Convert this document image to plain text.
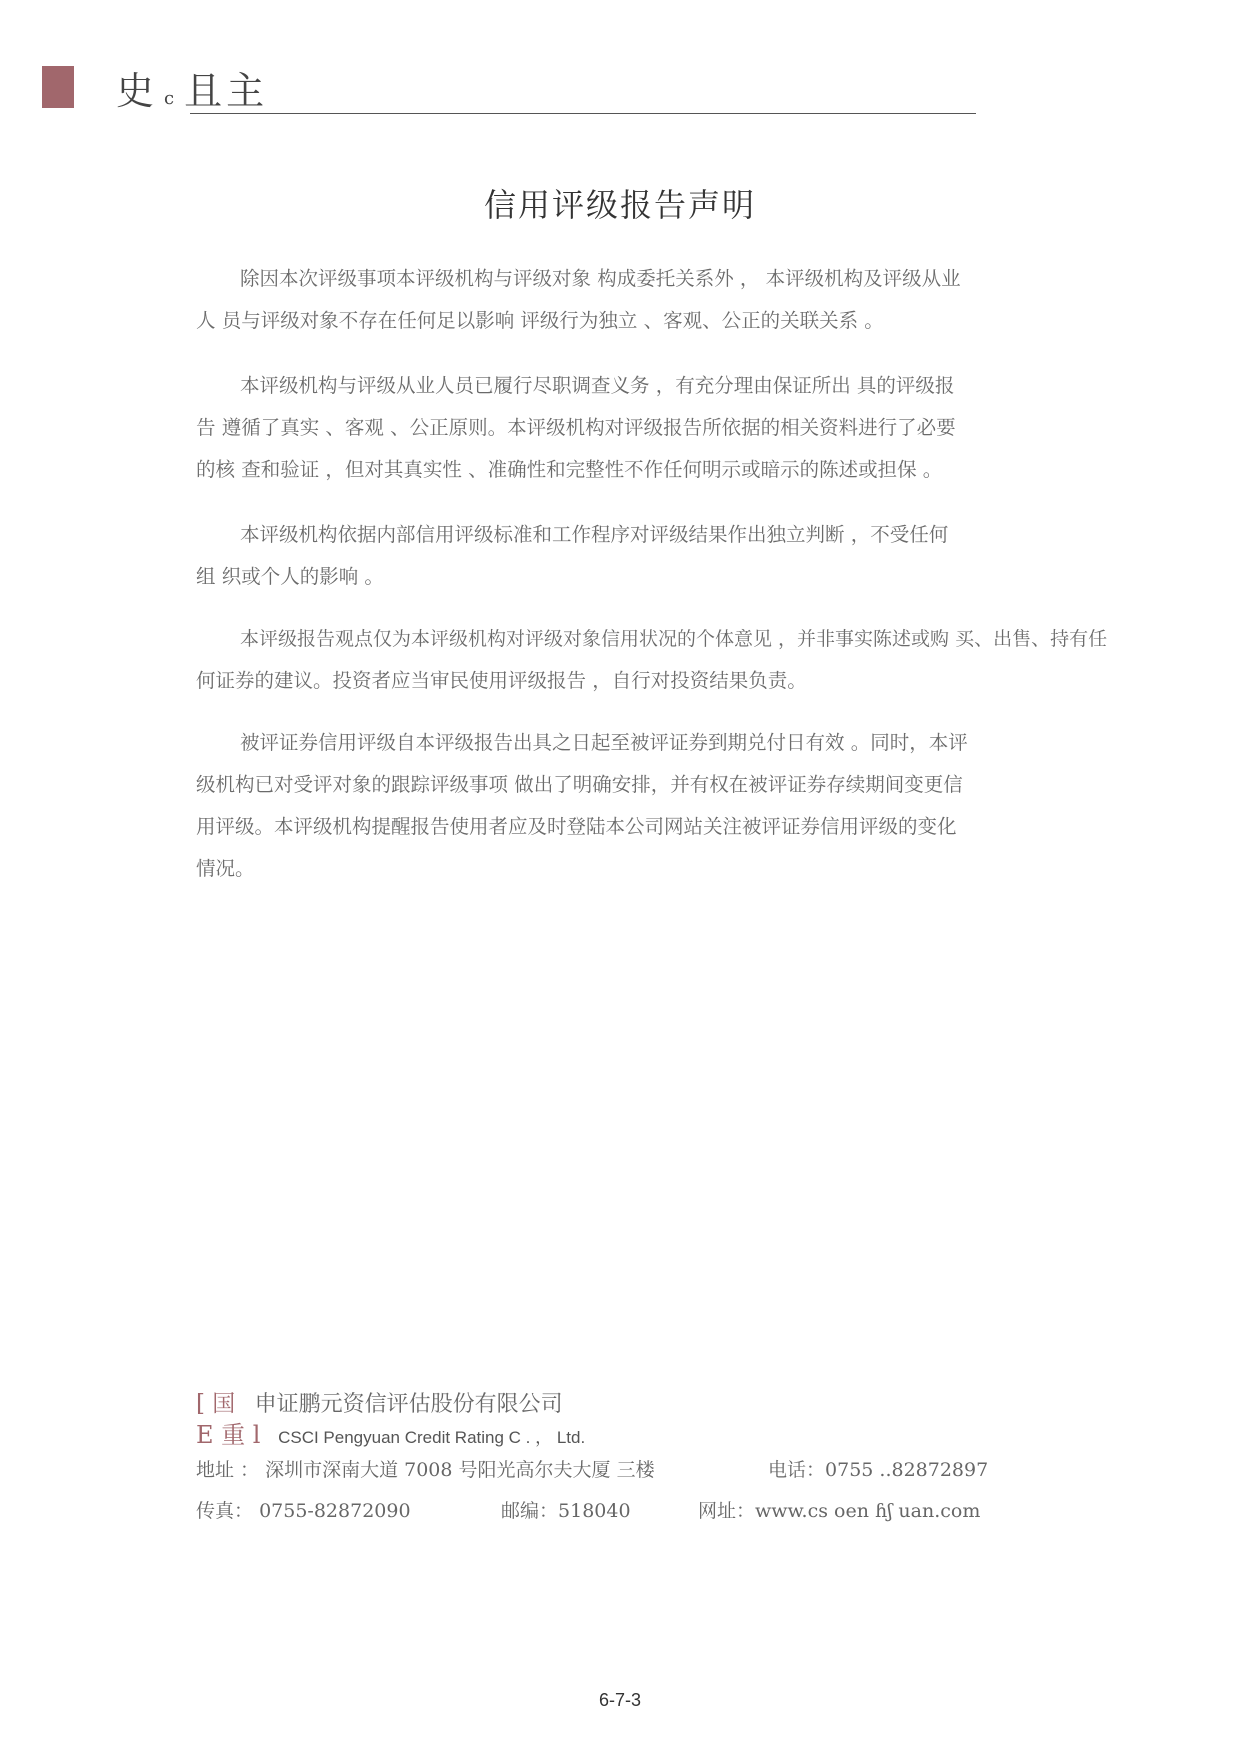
史c 且主
信用评级报告声明
除因本次评级事项本评级机构与评级对象 构成委托关系外 ， 本评级机构及评级从业
人 员与评级对象不存在任何足以影响 评级行为独立 、客观、公正的关联关系 。
本评级机构与评级从业人员已履行尽职调查义务 ，有充分理由保证所出 具的评级报
告 遵循了真实 、客观 、公正原则。本评级机构对评级报告所依据的相关资料进行了必要
的核 查和验证 ，但对其真实性 、准确性和完整性不作任何明示或暗示的陈述或担保 。
本评级机构依据内部信用评级标准和工作程序对评级结果作出独立判断 ，不受任何
组 织或个人的影响 。
本评级报告观点仅为本评级机构对评级对象信用状况的个体意见 ，并非事实陈述或购 买、出售、持有任
何证券的建议。投资者应当审民使用评级报告 ，自行对投资结果负责。
被评证券信用评级自本评级报告出具之日起至被评证券到期兑付日有效 。同时，本评
级机构已对受评对象的跟踪评级事项 做出了明确安排，并有权在被评证券存续期间变更信
用评级。本评级机构提醒报告使用者应及时登陆本公司网站关注被评证券信用评级的变化
情况。
[ 国 申证鹏元资信评估股份有限公司
E 重 l CSCI Pengyuan Credit Rating C . ， Ltd.
地址 ： 深圳市深南大道 7008 号阳光高尔夫大厦 三楼	电话：0755 ..82872897
传真： 0755-82872090	邮编：518040	网址：www.cs oen ɦʃ uan.com
6-7-3
